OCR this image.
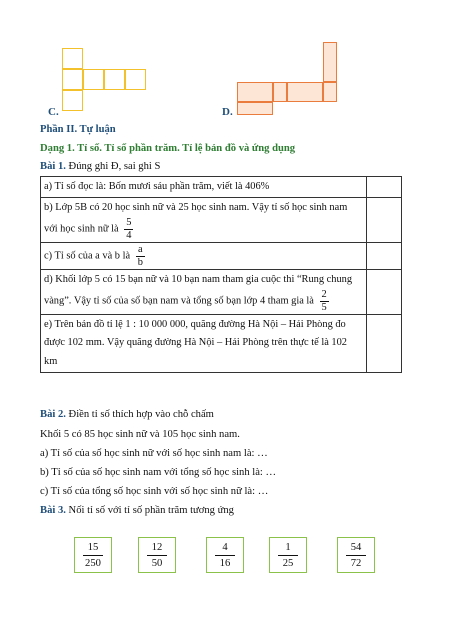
C.	D.
Phần II. Tự luận
Dạng 1. Tỉ số. Tỉ số phần trăm. Tỉ lệ bản đồ và ứng dụng
Bài 1. Đúng ghi Đ, sai ghi S
a) Tỉ số đọc là: Bốn mươi sáu phần trăm, viết là 406%	

b) Lớp 5B có 20 học sinh nữ và 25 học sinh nam. Vậy tỉ số học sinh nam
với học sinh nữ là $\frac{5}{4}$

c) Tỉ số của a và b là $\frac{a}{b}$

d) Khối lớp 5 có 15 bạn nữ và 10 bạn nam tham gia cuộc thi “Rung chung
vàng”. Vậy tỉ số của số bạn nam và tổng số bạn lớp 4 tham gia là $\frac{2}{5}$

e) Trên bản đồ tỉ lệ 1 : 10 000 000, quãng đường Hà Nội – Hải Phòng đo
được 102 mm. Vậy quãng đường Hà Nội – Hải Phòng trên thực tế là 102
km	

Bài 2. Điền tỉ số thích hợp vào chỗ chấm
Khối 5 có 85 học sinh nữ và 105 học sinh nam.
a) Tỉ số của số học sinh nữ với số học sinh nam là: …
b) Tỉ số của số học sinh nam với tổng số học sinh là: …
c) Tỉ số của tổng số học sinh với số học sinh nữ là: …
Bài 3. Nối tỉ số với tỉ số phần trăm tương ứng
15
250
12
50
4
16
1
25
54
72
